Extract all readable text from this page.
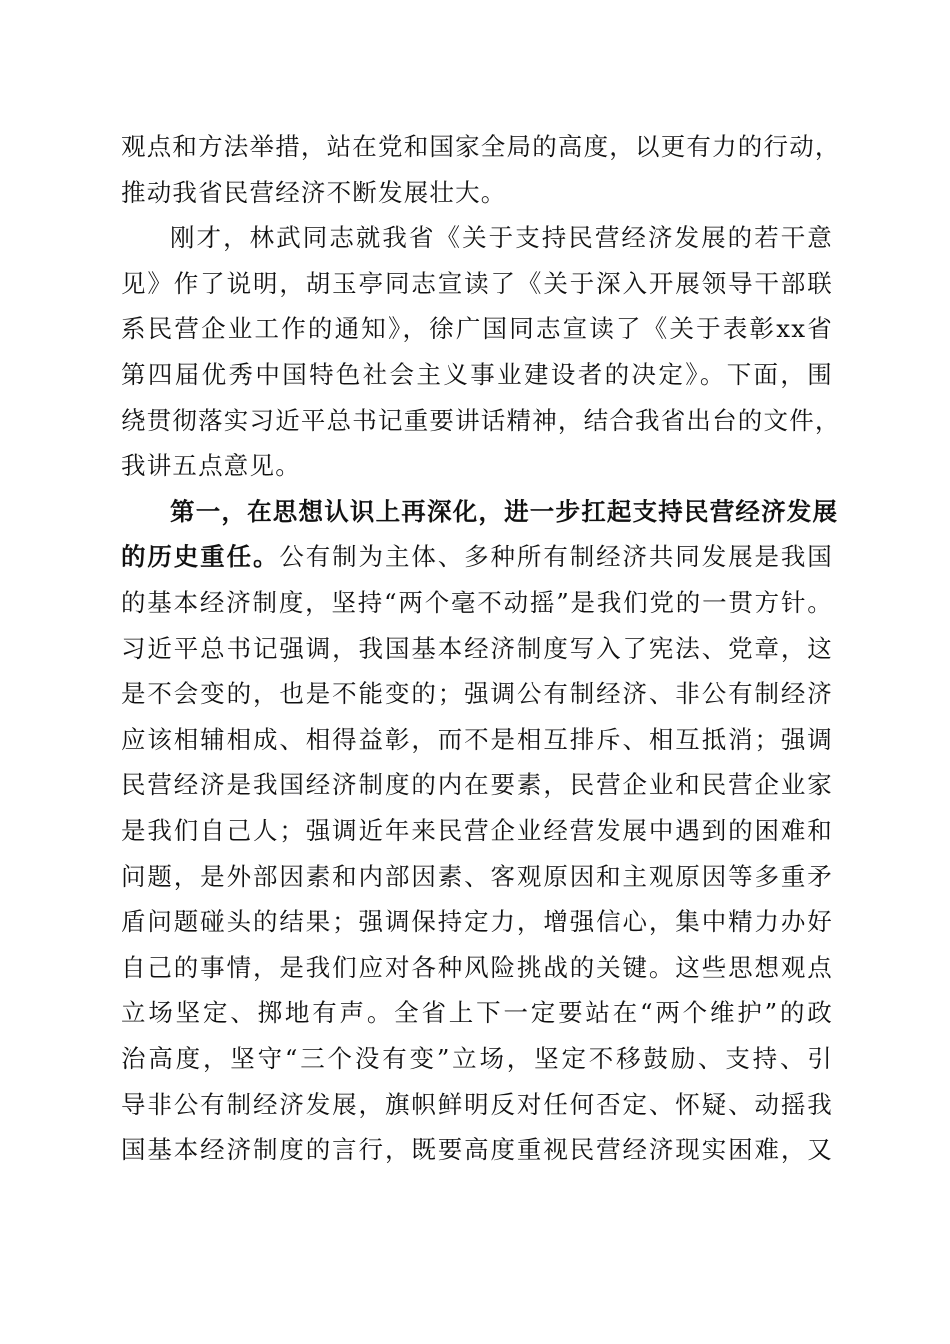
观点和方法举措，站在党和国家全局的高度，以更有力的行动，
推动我省民营经济不断发展壮大。
刚才，林武同志就我省《关于支持民营经济发展的若干意
见》作了说明，胡玉亭同志宣读了《关于深入开展领导干部联
系民营企业工作的通知》，徐广国同志宣读了《关于表彰xx省
第四届优秀中国特色社会主义事业建设者的决定》。下面，围
绕贯彻落实习近平总书记重要讲话精神，结合我省出台的文件，
我讲五点意见。
第一，在思想认识上再深化，进一步扛起支持民营经济发展
的历史重任。公有制为主体、多种所有制经济共同发展是我国
的基本经济制度，坚持“两个毫不动摇”是我们党的一贯方针。
习近平总书记强调，我国基本经济制度写入了宪法、党章，这
是不会变的，也是不能变的；强调公有制经济、非公有制经济
应该相辅相成、相得益彰，而不是相互排斥、相互抵消；强调
民营经济是我国经济制度的内在要素，民营企业和民营企业家
是我们自己人；强调近年来民营企业经营发展中遇到的困难和
问题，是外部因素和内部因素、客观原因和主观原因等多重矛
盾问题碰头的结果；强调保持定力，增强信心，集中精力办好
自己的事情，是我们应对各种风险挑战的关键。这些思想观点
立场坚定、掷地有声。全省上下一定要站在“两个维护”的政
治高度，坚守“三个没有变”立场，坚定不移鼓励、支持、引
导非公有制经济发展，旗帜鲜明反对任何否定、怀疑、动摇我
国基本经济制度的言行，既要高度重视民营经济现实困难，又
